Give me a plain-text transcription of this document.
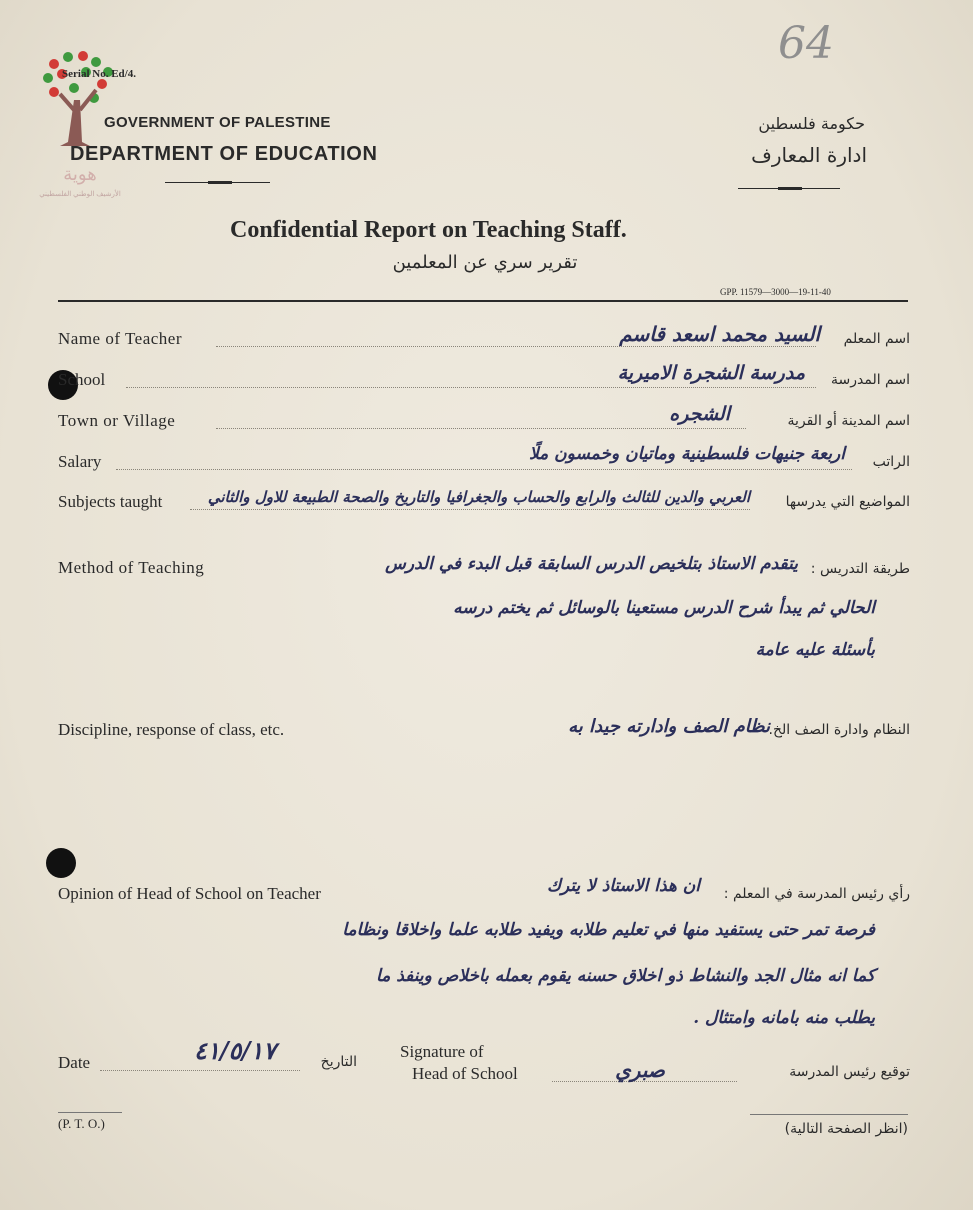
64
هوية
الأرشيف الوطني الفلسطيني
Serial No. Ed/4.
GOVERNMENT OF PALESTINE
DEPARTMENT OF EDUCATION
حكومة فلسطين
ادارة المعارف
Confidential Report on Teaching Staff.
تقرير سري عن المعلمين
GPP. 11579—3000—19-11-40
Name of Teacher	السيد محمد اسعد قاسم	اسم المعلم
School	مدرسة الشجرة الاميرية	اسم المدرسة
Town or Village	الشجره	اسم المدينة أو القرية
Salary	اربعة جنيهات فلسطينية وماتيان وخمسون ملًا	الراتب
Subjects taught	العربي والدين للثالث والرابع والحساب والجغرافيا والتاريخ والصحة الطبيعة للاول والثاني	المواضيع التي يدرسها
Method of Teaching	طريقة التدريس :
يتقدم الاستاذ بتلخيص الدرس السابقة قبل البدء في الدرس
الحالي ثم يبدأ شرح الدرس مستعينا بالوسائل ثم يختم درسه
بأسئلة عليه عامة
Discipline, response of class, etc.	نظام الصف وادارته جيدا به
النظام وادارة الصف الخ.
Opinion of Head of School on Teacher	ان هذا الاستاذ لا يترك	رأي رئيس المدرسة في المعلم :
فرصة تمر حتى يستفيد منها في تعليم طلابه ويفيد طلابه علما واخلاقا ونظاما
كما انه مثال الجد والنشاط ذو اخلاق حسنه يقوم بعمله باخلاص وينفذ ما
يطلب منه بامانه وامتثال .
Date	٤١/٥/١٧	التاريخ
Signature of
Head of School	صبري	توقيع رئيس المدرسة
(P. T. O.)	(انظر الصفحة التالية)
